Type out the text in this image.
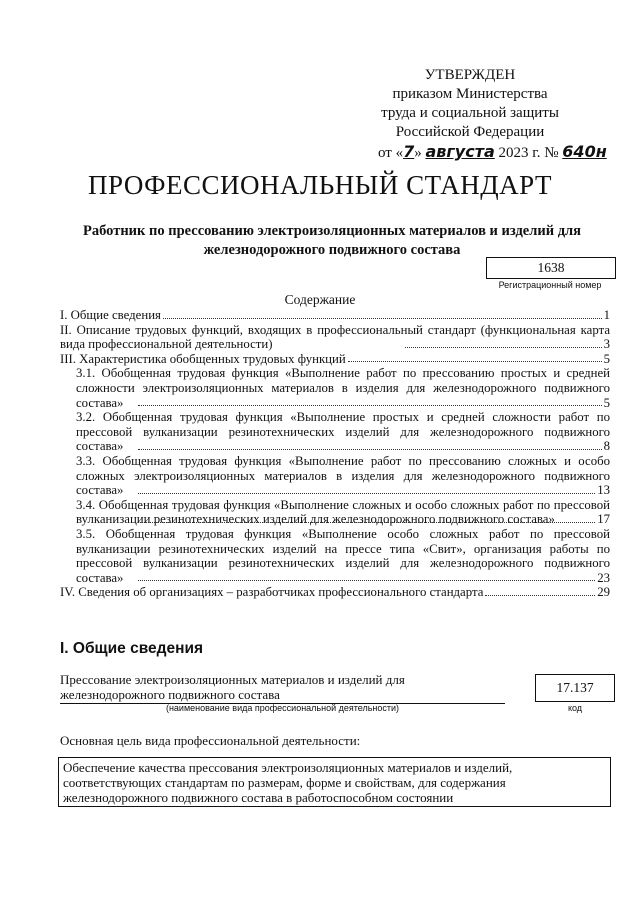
УТВЕРЖДЕН
приказом Министерства
труда и социальной защиты
Российской Федерации
от «7» августа 2023 г. № 640н
ПРОФЕССИОНАЛЬНЫЙ СТАНДАРТ
Работник по прессованию электроизоляционных материалов и изделий для железнодорожного подвижного состава
1638
Регистрационный номер
Содержание
I. Общие сведения	1
II. Описание трудовых функций, входящих в профессиональный стандарт (функциональная карта вида профессиональной деятельности)	3
III. Характеристика обобщенных трудовых функций	5
3.1. Обобщенная трудовая функция «Выполнение работ по прессованию простых и средней сложности электроизоляционных материалов в изделия для железнодорожного подвижного состава»	5
3.2. Обобщенная трудовая функция «Выполнение простых и средней сложности работ по прессовой вулканизации резинотехнических изделий для железнодорожного подвижного состава»	8
3.3. Обобщенная трудовая функция «Выполнение работ по прессованию сложных и особо сложных электроизоляционных материалов в изделия для железнодорожного подвижного состава»	13
3.4. Обобщенная трудовая функция «Выполнение сложных и особо сложных работ по прессовой вулканизации резинотехнических изделий для железнодорожного подвижного состава»	17
3.5. Обобщенная трудовая функция «Выполнение особо сложных работ по прессовой вулканизации резинотехнических изделий на прессе типа «Свит», организация работы по прессовой вулканизации резинотехнических изделий для железнодорожного подвижного состава»	23
IV. Сведения об организациях – разработчиках профессионального стандарта	29
I. Общие сведения
Прессование электроизоляционных материалов и изделий для железнодорожного подвижного состава
(наименование вида профессиональной деятельности)
17.137
код
Основная цель вида профессиональной деятельности:
Обеспечение качества прессования электроизоляционных материалов и изделий, соответствующих стандартам по размерам, форме и свойствам, для содержания железнодорожного подвижного состава в работоспособном состоянии
